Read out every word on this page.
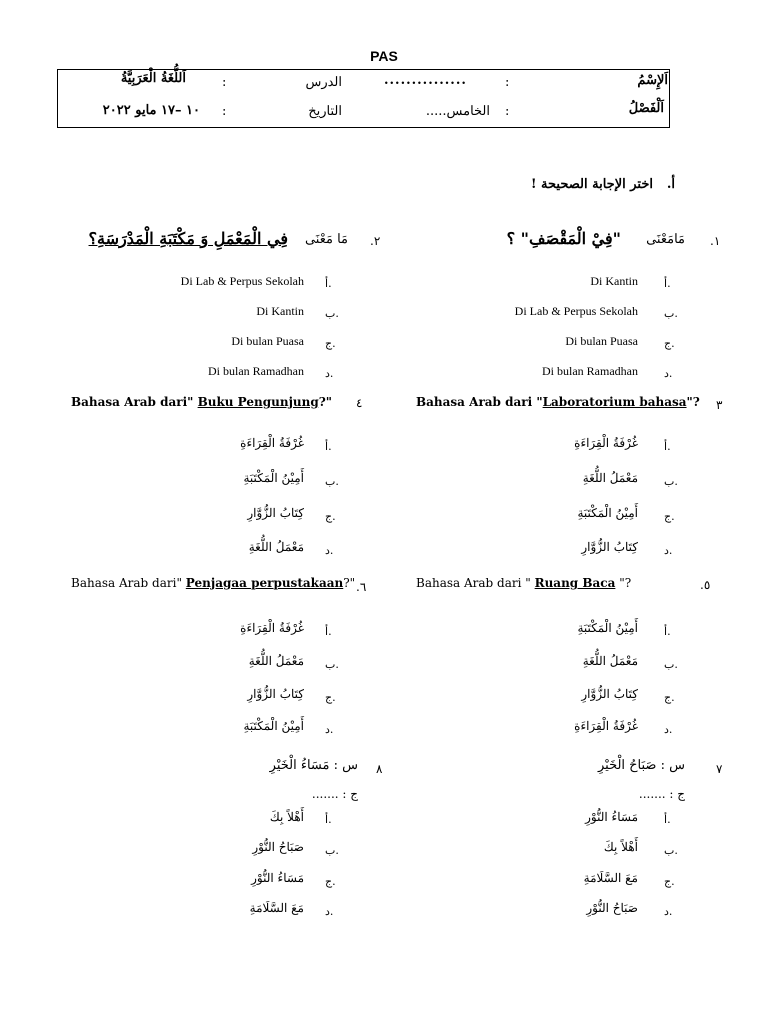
PAS
اَلإِسْمُ
:
...............
الدرس
:
اَللُّغَةُ الْعَرَبِيَّةُ
اَلْفَصْلُ
:
الخامس.....
التاريخ
:
١٠ –١٧ مايو ٢٠٢٢
أ.
اختر الإجابة الصحيحة !
.١
مَامَعْنَى
"فِيْ الْمَقْصَفِ" ؟
أ.
Di Kantin
ب.
Di Lab & Perpus Sekolah
ج.
Di bulan Puasa
د.
Di bulan Ramadhan
.٢
مَا مَعْنَى
فِي الْمَعْمَلِ وَ مَكْتَبَةِ الْمَدْرَسَةِ؟
أ.
Di Lab & Perpus Sekolah
ب.
Di Kantin
ج.
Di bulan Puasa
د.
Di bulan Ramadhan
٣
Bahasa Arab dari "Laboratorium bahasa"?
أ.
غُرْفَةُ الْقِرَاءَةِ
ب.
مَعْمَلُ اللُّغَةِ
ج.
أَمِيْنُ الْمَكْتَبَةِ
د.
كِتَابُ الزُّوَّارِ
٤
Bahasa Arab dari" Buku Pengunjung?"
أ.
غُرْفَةُ الْقِرَاءَةِ
ب.
أَمِيْنُ الْمَكْتَبَةِ
ج.
كِتَابُ الزُّوَّارِ
د.
مَعْمَلُ اللُّغَةِ
.٥
Bahasa Arab dari " Ruang Baca "?
أ.
أَمِيْنُ الْمَكْتَبَةِ
ب.
مَعْمَلُ اللُّغَةِ
ج.
كِتَابُ الزُّوَّارِ
د.
غُرْفَةُ الْقِرَاءَةِ
.٦
Bahasa Arab dari" Penjagaa perpustakaan?"
أ.
غُرْفَةُ الْقِرَاءَةِ
ب.
مَعْمَلُ اللُّغَةِ
ج.
كِتَابُ الزُّوَّارِ
د.
أَمِيْنُ الْمَكْتَبَةِ
٧
س : صَبَاحُ الْخَيْرِ
ج : .......
أ.
مَسَاءُ النُّوْرِ
ب.
أَهْلاً بِكَ
ج.
مَعَ السَّلَامَةِ
د.
صَبَاحُ النُّوْرِ
٨
س : مَسَاءُ الْخَيْرِ
ج : .......
أ.
أَهْلاً بِكَ
ب.
صَبَاحُ النُّوْرِ
ج.
مَسَاءُ النُّوْرِ
د.
مَعَ السَّلَامَةِ
